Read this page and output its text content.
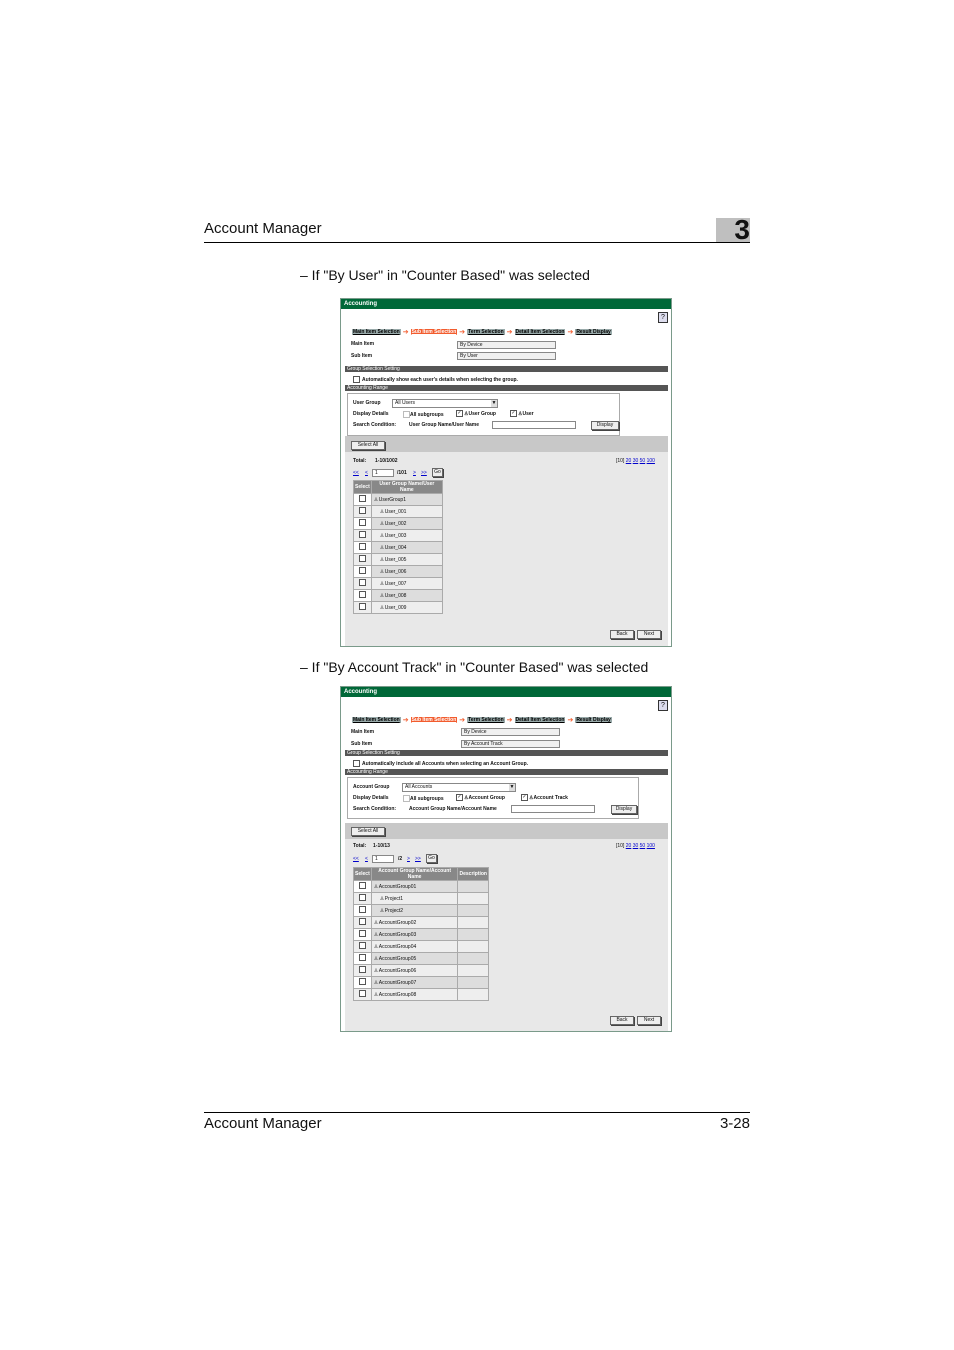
Account Manager	3
– If "By User" in "Counter Based" was selected
Accounting
?
Main Item Selection ➔ Sub Item Selection ➔ Term Selection ➔ Detail Item Selection ➔ Result Display
Main Item	By Device
Sub Item	By User
Group Selection Setting
Automatically show each user's details when selecting the group.
Accounting Range
User Group	All Users	▼
Display Details	All subgroups	✓ ♙User Group	✓ ♙User
Search Condition:	User Group Name/User Name	Display
Select All
Total: 1-10/1002	[10] 20 30 50 100
<< <	1	/101 > >>	Go
Select	User Group Name/User Name
	♙UserGroup1
	♙User_001
	♙User_002
	♙User_003
	♙User_004
	♙User_005
	♙User_006
	♙User_007
	♙User_008
	♙User_009
Back	Next
– If "By Account Track" in "Counter Based" was selected
Accounting
?
Main Item Selection ➔ Sub Item Selection ➔ Term Selection ➔ Detail Item Selection ➔ Result Display
Main Item	By Device
Sub Item	By Account Track
Group Selection Setting
Automatically include all Accounts when selecting an Account Group.
Accounting Range
Account Group	All Accounts	▼
Display Details	All subgroups	✓ ♙Account Group	✓ ♙Account Track
Search Condition:	Account Group Name/Account Name	Display
Select All
Total: 1-10/13	[10] 20 30 50 100
<< <	1	/2 > >>	Go
Select	Account Group Name/Account Name	Description
	♙AccountGroup01	
	♙Project1	
	♙Project2	
	♙AccountGroup02	
	♙AccountGroup03	
	♙AccountGroup04	
	♙AccountGroup05	
	♙AccountGroup06	
	♙AccountGroup07	
	♙AccountGroup08	
Back	Next
Account Manager	3-28
